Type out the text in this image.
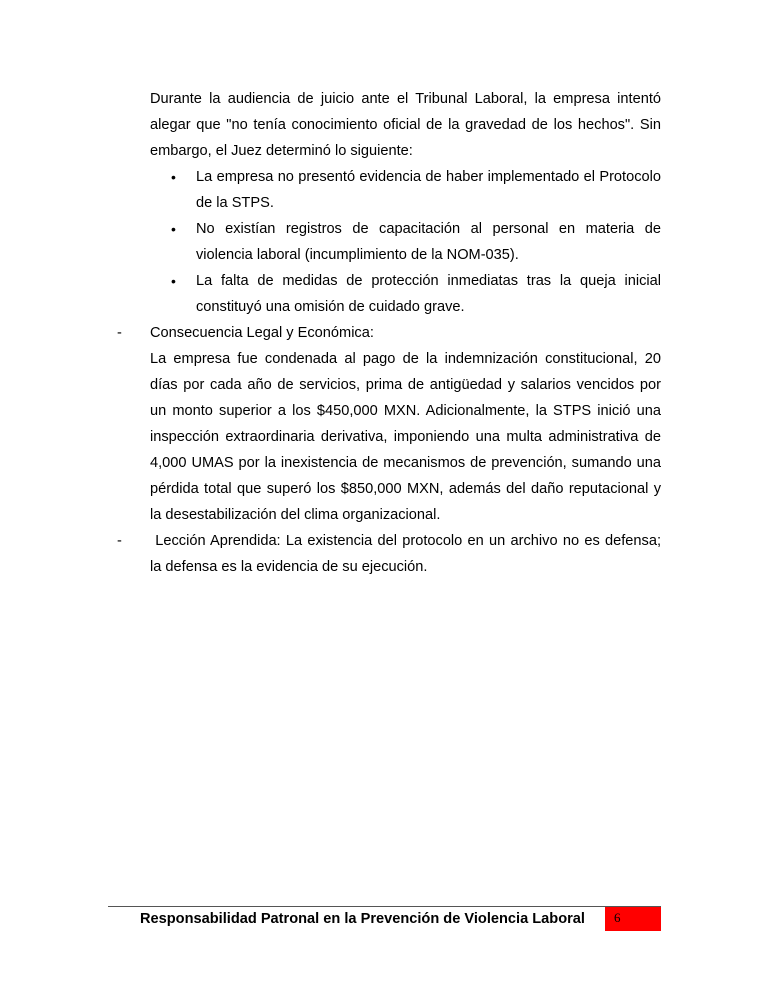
Durante la audiencia de juicio ante el Tribunal Laboral, la empresa intentó alegar que "no tenía conocimiento oficial de la gravedad de los hechos". Sin embargo, el Juez determinó lo siguiente:

• La empresa no presentó evidencia de haber implementado el Protocolo de la STPS.
• No existían registros de capacitación al personal en materia de violencia laboral (incumplimiento de la NOM-035).
• La falta de medidas de protección inmediatas tras la queja inicial constituyó una omisión de cuidado grave.
- Consecuencia Legal y Económica:

La empresa fue condenada al pago de la indemnización constitucional, 20 días por cada año de servicios, prima de antigüedad y salarios vencidos por un monto superior a los $450,000 MXN. Adicionalmente, la STPS inició una inspección extraordinaria derivativa, imponiendo una multa administrativa de 4,000 UMAS por la inexistencia de mecanismos de prevención, sumando una pérdida total que superó los $850,000 MXN, además del daño reputacional y la desestabilización del clima organizacional.

- Lección Aprendida: La existencia del protocolo en un archivo no es defensa; la defensa es la evidencia de su ejecución.

Responsabilidad Patronal en la Prevención de Violencia Laboral 6
